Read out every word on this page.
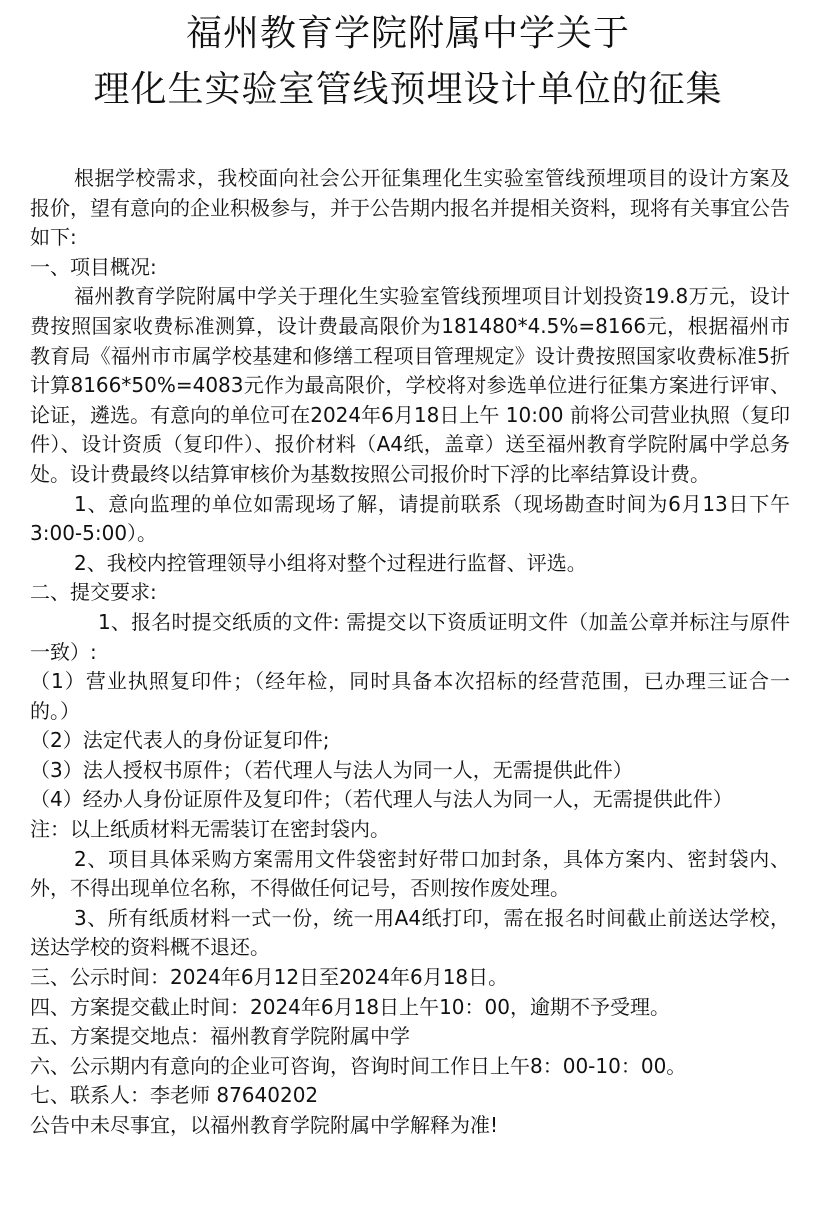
福州教育学院附属中学关于
理化生实验室管线预埋设计单位的征集

根据学校需求，我校面向社会公开征集理化生实验室管线预埋项目的设计方案及报价，望有意向的企业积极参与，并于公告期内报名并提相关资料，现将有关事宜公告如下:

一、项目概况:

福州教育学院附属中学关于理化生实验室管线预埋项目计划投资19.8万元，设计费按照国家收费标准测算，设计费最高限价为181480*4.5%=8166元，根据福州市教育局《福州市市属学校基建和修缮工程项目管理规定》设计费按照国家收费标准5折计算8166*50%=4083元作为最高限价，学校将对参选单位进行征集方案进行评审、论证，遴选。有意向的单位可在2024年6月18日上午 10:00 前将公司营业执照（复印件）、设计资质（复印件）、报价材料（A4纸，盖章）送至福州教育学院附属中学总务处。设计费最终以结算审核价为基数按照公司报价时下浮的比率结算设计费。

1、意向监理的单位如需现场了解，请提前联系（现场勘查时间为6月13日下午3:00-5:00）。

2、我校内控管理领导小组将对整个过程进行监督、评选。

二、提交要求:

1、报名时提交纸质的文件: 需提交以下资质证明文件（加盖公章并标注与原件一致）:

（1）营业执照复印件；（经年检，同时具备本次招标的经营范围，已办理三证合一的。）

（2）法定代表人的身份证复印件;

（3）法人授权书原件；（若代理人与法人为同一人，无需提供此件）

（4）经办人身份证原件及复印件；（若代理人与法人为同一人，无需提供此件）

注：以上纸质材料无需装订在密封袋内。

2、项目具体采购方案需用文件袋密封好带口加封条，具体方案内、密封袋内、外，不得出现单位名称，不得做任何记号，否则按作废处理。

3、所有纸质材料一式一份，统一用A4纸打印，需在报名时间截止前送达学校，送达学校的资料概不退还。

三、公示时间：2024年6月12日至2024年6月18日。

四、方案提交截止时间：2024年6月18日上午10：00，逾期不予受理。

五、方案提交地点：福州教育学院附属中学

六、公示期内有意向的企业可咨询，咨询时间工作日上午8：00-10：00。

七、联系人：李老师 87640202

公告中未尽事宜，以福州教育学院附属中学解释为准!
